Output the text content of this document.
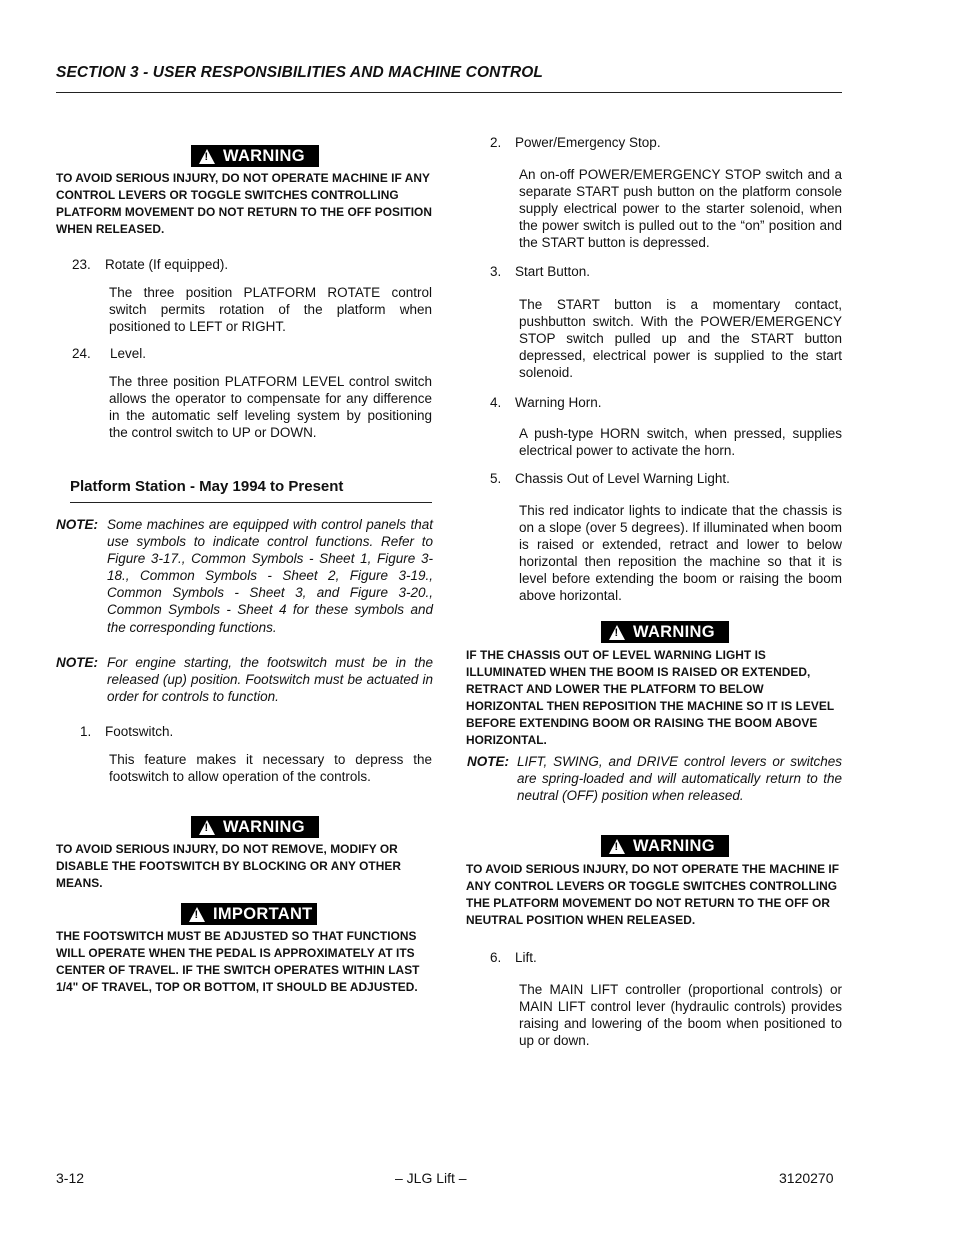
SECTION 3 - USER RESPONSIBILITIES AND MACHINE CONTROL
!
WARNING
TO AVOID SERIOUS INJURY, DO NOT OPERATE MACHINE IF ANY CONTROL LEVERS OR TOGGLE SWITCHES CONTROLLING PLATFORM MOVEMENT DO NOT RETURN TO THE OFF POSITION WHEN RELEASED.
23. Rotate (If equipped).
The three position PLATFORM ROTATE control switch permits rotation of the platform when positioned to LEFT or RIGHT.
24. Level.
The three position PLATFORM LEVEL control switch allows the operator to compensate for any difference in the automatic self leveling system by positioning the control switch to UP or DOWN.
Platform Station - May 1994 to Present
NOTE: Some machines are equipped with control panels that use symbols to indicate control functions. Refer to Figure 3-17., Common Symbols - Sheet 1, Figure 3-18., Common Symbols - Sheet 2, Figure 3-19., Common Symbols - Sheet 3, and Figure 3-20., Common Symbols - Sheet 4 for these symbols and the corresponding functions.
NOTE: For engine starting, the footswitch must be in the released (up) position. Footswitch must be actuated in order for controls to function.
1. Footswitch.
This feature makes it necessary to depress the footswitch to allow operation of the controls.
!
WARNING
TO AVOID SERIOUS INJURY, DO NOT REMOVE, MODIFY OR DISABLE THE FOOTSWITCH BY BLOCKING OR ANY OTHER MEANS.
!
IMPORTANT
THE FOOTSWITCH MUST BE ADJUSTED SO THAT FUNCTIONS WILL OPERATE WHEN THE PEDAL IS APPROXIMATELY AT ITS CENTER OF TRAVEL. IF THE SWITCH OPERATES WITHIN LAST 1/4" OF TRAVEL, TOP OR BOTTOM, IT SHOULD BE ADJUSTED.
2. Power/Emergency Stop.
An on-off POWER/EMERGENCY STOP switch and a separate START push button on the platform console supply electrical power to the starter solenoid, when the power switch is pulled out to the “on” position and the START button is depressed.
3. Start Button.
The START button is a momentary contact, pushbutton switch. With the POWER/EMERGENCY STOP switch pulled up and the START button depressed, electrical power is supplied to the start solenoid.
4. Warning Horn.
A push-type HORN switch, when pressed, supplies electrical power to activate the horn.
5. Chassis Out of Level Warning Light.
This red indicator lights to indicate that the chassis is on a slope (over 5 degrees). If illuminated when boom is raised or extended, retract and lower to below horizontal then reposition the machine so that it is level before extending the boom or raising the boom above horizontal.
!
WARNING
IF THE CHASSIS OUT OF LEVEL WARNING LIGHT IS ILLUMINATED WHEN THE BOOM IS RAISED OR EXTENDED, RETRACT AND LOWER THE PLATFORM TO BELOW HORIZONTAL THEN REPOSITION THE MACHINE SO IT IS LEVEL BEFORE EXTENDING BOOM OR RAISING THE BOOM ABOVE HORIZONTAL.
NOTE: LIFT, SWING, and DRIVE control levers or switches are spring-loaded and will automatically return to the neutral (OFF) position when released.
!
WARNING
TO AVOID SERIOUS INJURY, DO NOT OPERATE THE MACHINE IF ANY CONTROL LEVERS OR TOGGLE SWITCHES CONTROLLING THE PLATFORM MOVEMENT DO NOT RETURN TO THE OFF OR NEUTRAL POSITION WHEN RELEASED.
6. Lift.
The MAIN LIFT controller (proportional controls) or MAIN LIFT control lever (hydraulic controls) provides raising and lowering of the boom when positioned to up or down.
3-12	– JLG Lift –	3120270
